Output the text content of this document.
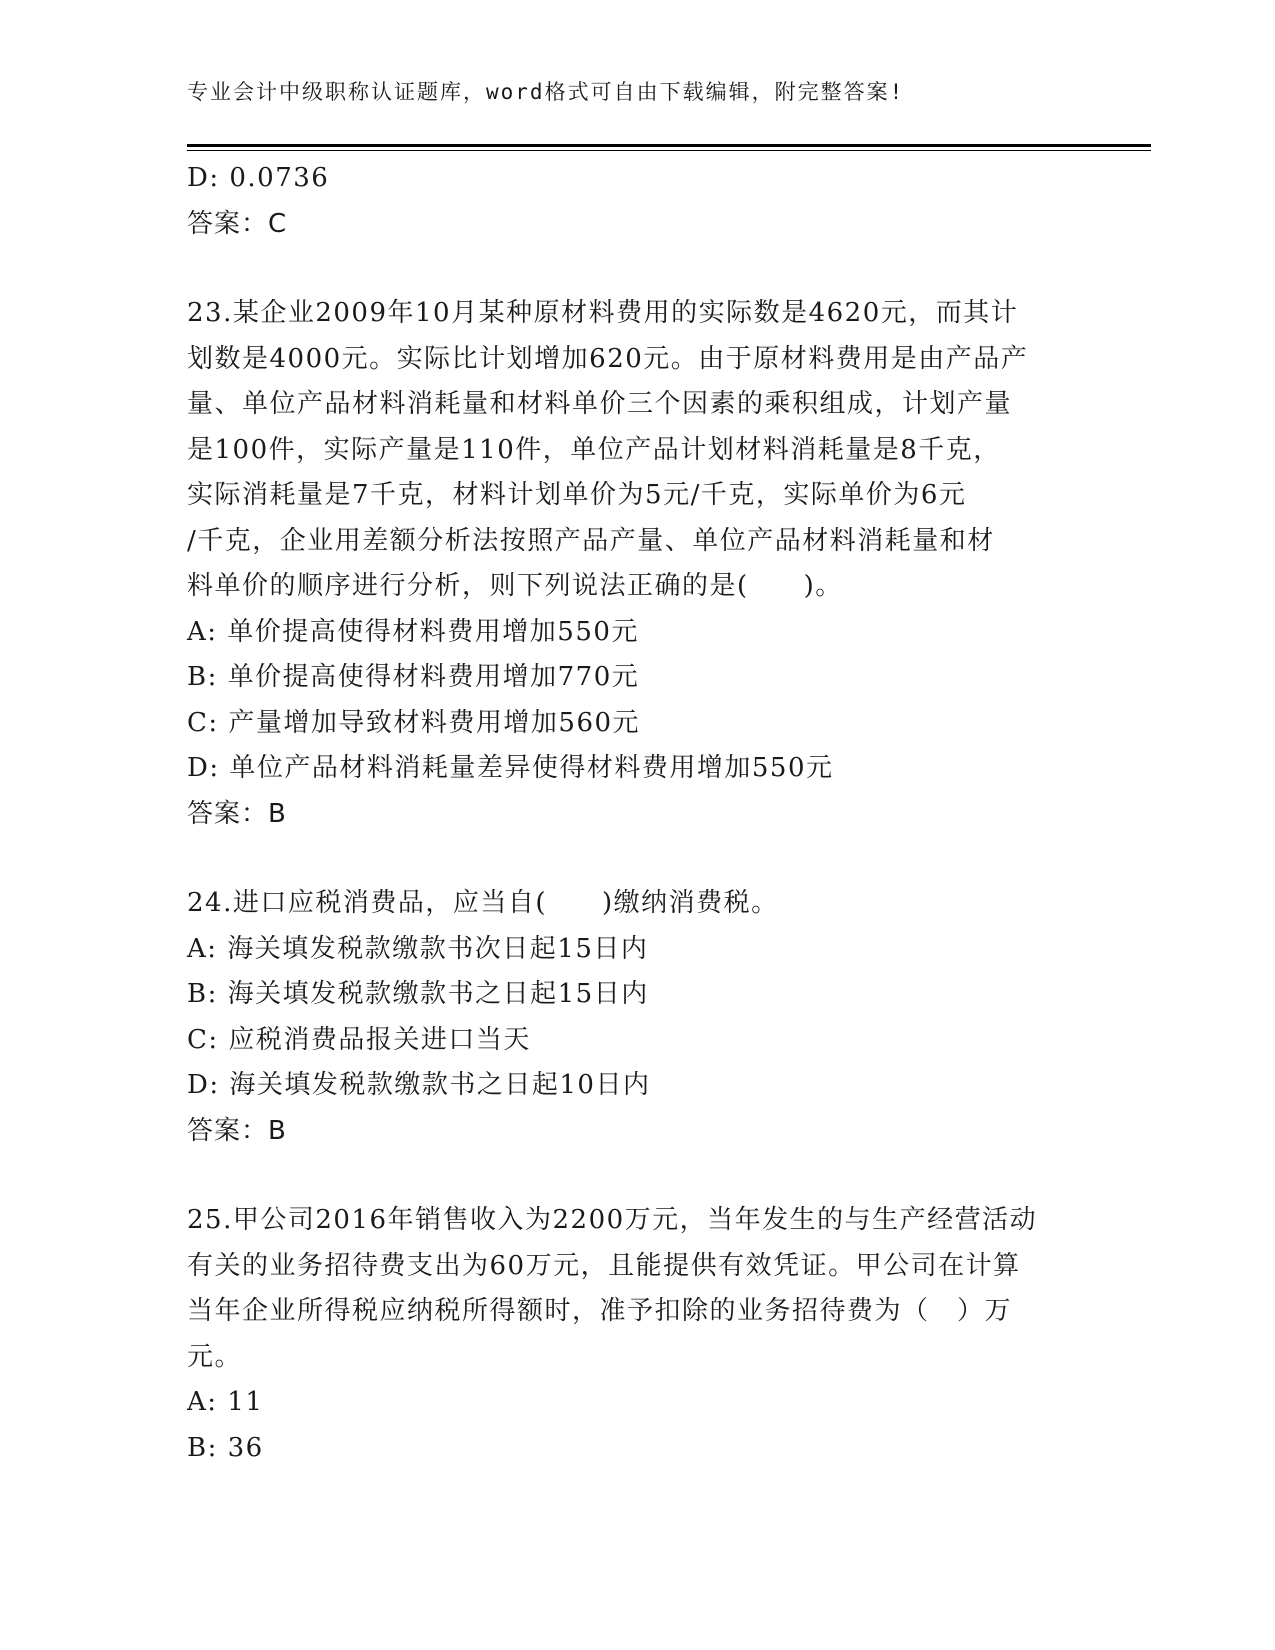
专业会计中级职称认证题库，word格式可自由下载编辑，附完整答案!

D: 0.0736

答案：C

23.某企业2009年10月某种原材料费用的实际数是4620元，而其计

划数是4000元。实际比计划增加620元。由于原材料费用是由产品产

量、单位产品材料消耗量和材料单价三个因素的乘积组成，计划产量

是100件，实际产量是110件，单位产品计划材料消耗量是8千克，

实际消耗量是7千克，材料计划单价为5元/千克，实际单价为6元

/千克，企业用差额分析法按照产品产量、单位产品材料消耗量和材

料单价的顺序进行分析，则下列说法正确的是(　　)。

A: 单价提高使得材料费用增加550元

B: 单价提高使得材料费用增加770元

C: 产量增加导致材料费用增加560元

D: 单位产品材料消耗量差异使得材料费用增加550元

答案：B

24.进口应税消费品，应当自(　　)缴纳消费税。

A: 海关填发税款缴款书次日起15日内

B: 海关填发税款缴款书之日起15日内

C: 应税消费品报关进口当天

D: 海关填发税款缴款书之日起10日内

答案：B

25.甲公司2016年销售收入为2200万元，当年发生的与生产经营活动

有关的业务招待费支出为60万元，且能提供有效凭证。甲公司在计算

当年企业所得税应纳税所得额时，准予扣除的业务招待费为（　）万

元。

A: 11

B: 36
